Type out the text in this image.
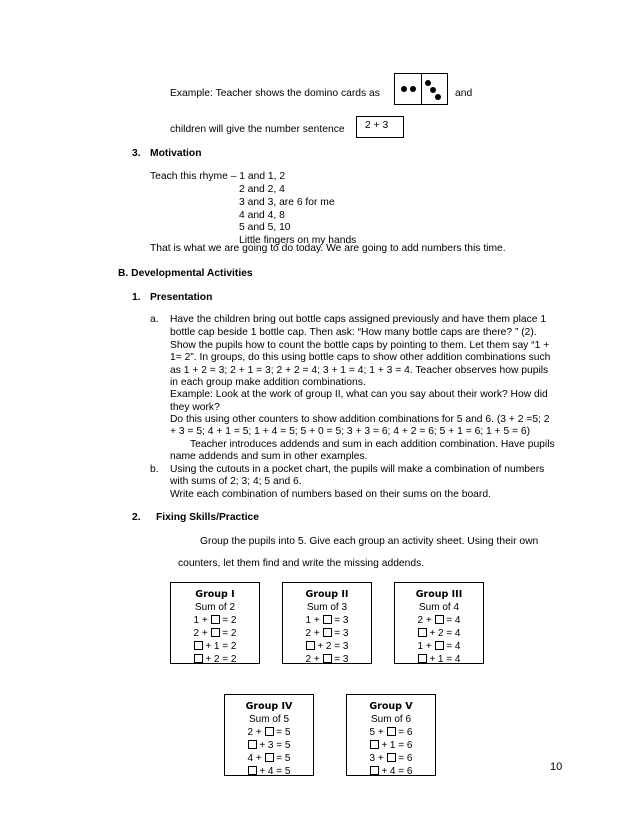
Example: Teacher shows the domino cards as	and
children will give the number sentence 2 + 3
3. Motivation
Teach this rhyme – 1 and 1, 2
2 and 2, 4
3 and 3, are 6 for me
4 and 4, 8
5 and 5, 10
Little fingers on my hands
That is what we are going to do today. We are going to add numbers this time.
B. Developmental Activities
1. Presentation
a. Have the children bring out bottle caps assigned previously and have them place 1
bottle cap beside 1 bottle cap. Then ask: “How many bottle caps are there? ” (2).
Show the pupils how to count the bottle caps by pointing to them. Let them say “1 +
1= 2”. In groups, do this using bottle caps to show other addition combinations such
as 1 + 2 = 3; 2 + 1 = 3; 2 + 2 = 4; 3 + 1 = 4; 1 + 3 = 4. Teacher observes how pupils
in each group make addition combinations.
Example: Look at the work of group II, what can you say about their work? How did
they work?
Do this using other counters to show addition combinations for 5 and 6. (3 + 2 =5; 2
+ 3 = 5; 4 + 1 = 5; 1 + 4 = 5; 5 + 0 = 5; 3 + 3 = 6; 4 + 2 = 6; 5 + 1 = 6; 1 + 5 = 6)
Teacher introduces addends and sum in each addition combination. Have pupils
name addends and sum in other examples.
b. Using the cutouts in a pocket chart, the pupils will make a combination of numbers
with sums of 2; 3; 4; 5 and 6.
Write each combination of numbers based on their sums on the board.
2. Fixing Skills/Practice
Group the pupils into 5. Give each group an activity sheet. Using their own
counters, let them find and write the missing addends.
Group I
Sum of 2
1 + = 2
2 + = 2
+ 1 = 2
+ 2 = 2
Group II
Sum of 3
1 + = 3
2 + = 3
+ 2 = 3
2 + = 3
Group III
Sum of 4
2 + = 4
+ 2 = 4
1 + = 4
+ 1 = 4
Group IV
Sum of 5
2 + = 5
+ 3 = 5
4 + = 5
+ 4 = 5
Group V
Sum of 6
5 + = 6
+ 1 = 6
3 + = 6
+ 4 = 6	10
